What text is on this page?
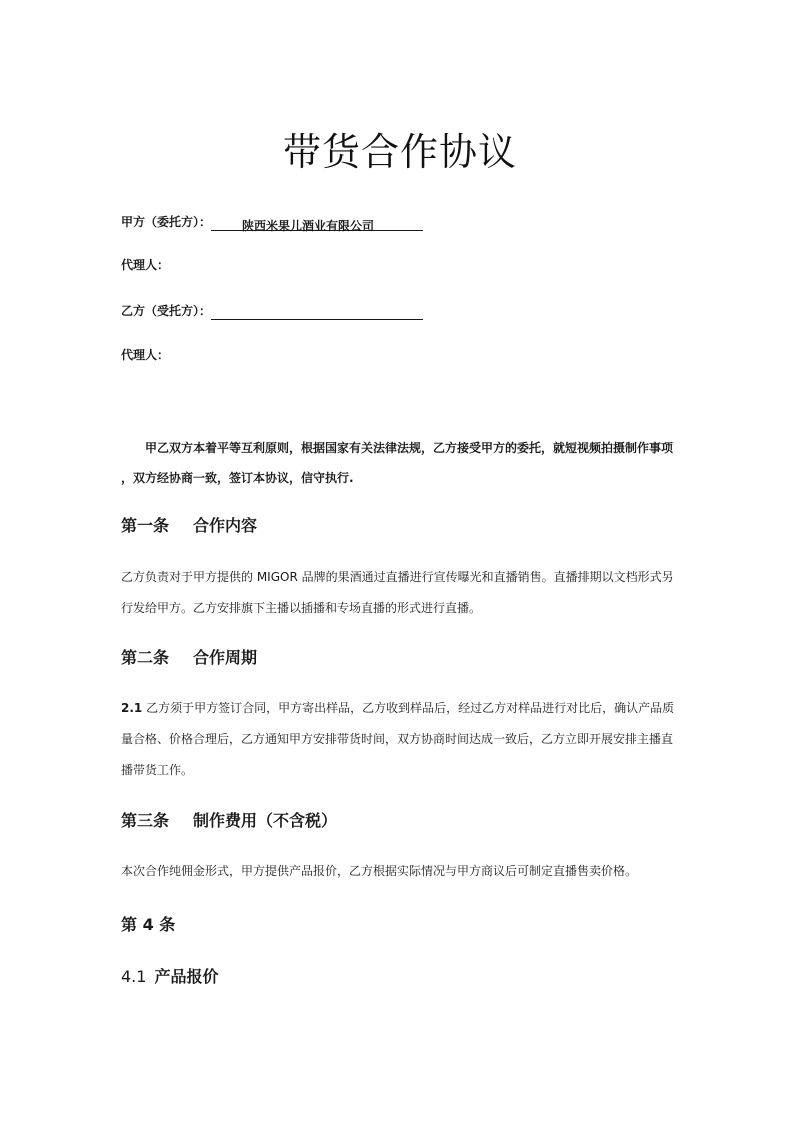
带货合作协议
甲方（委托方）：	陕西米果儿酒业有限公司
代理人：
乙方（受托方）：
代理人：
甲乙双方本着平等互利原则，根据国家有关法律法规，乙方接受甲方的委托，就短视频拍摄制作事项
，双方经协商一致，签订本协议，信守执行.
第一条 合作内容
乙方负责对于甲方提供的 MIGOR 品牌的果酒通过直播进行宣传曝光和直播销售。直播排期以文档形式另
行发给甲方。乙方安排旗下主播以插播和专场直播的形式进行直播。
第二条 合作周期
2.1 乙方须于甲方签订合同，甲方寄出样品，乙方收到样品后，经过乙方对样品进行对比后，确认产品质
量合格、价格合理后，乙方通知甲方安排带货时间，双方协商时间达成一致后，乙方立即开展安排主播直
播带货工作。
第三条 制作费用（不含税）
本次合作纯佣金形式，甲方提供产品报价，乙方根据实际情况与甲方商议后可制定直播售卖价格。
第 4 条
4.1 产品报价
